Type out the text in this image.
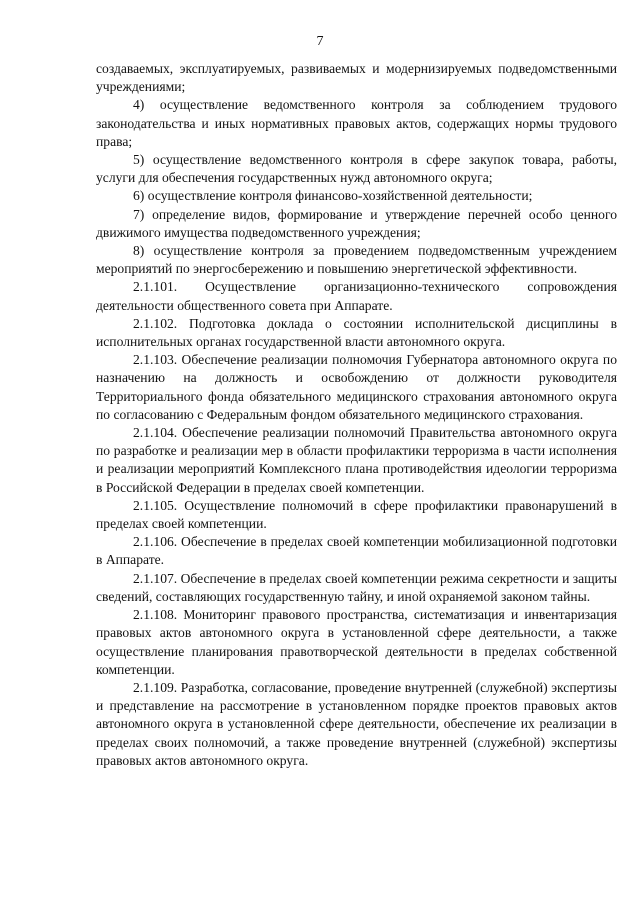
7

создаваемых, эксплуатируемых, развиваемых и модернизируемых подведомственными учреждениями;

4) осуществление ведомственного контроля за соблюдением трудового законодательства и иных нормативных правовых актов, содержащих нормы трудового права;

5) осуществление ведомственного контроля в сфере закупок товара, работы, услуги для обеспечения государственных нужд автономного округа;

6) осуществление контроля финансово-хозяйственной деятельности;

7) определение видов, формирование и утверждение перечней особо ценного движимого имущества подведомственного учреждения;

8) осуществление контроля за проведением подведомственным учреждением мероприятий по энергосбережению и повышению энергетической эффективности.

2.1.101. Осуществление организационно-технического сопровождения деятельности общественного совета при Аппарате.

2.1.102. Подготовка доклада о состоянии исполнительской дисциплины в исполнительных органах государственной власти автономного округа.

2.1.103. Обеспечение реализации полномочия Губернатора автономного округа по назначению на должность и освобождению от должности руководителя Территориального фонда обязательного медицинского страхования автономного округа по согласованию с Федеральным фондом обязательного медицинского страхования.

2.1.104. Обеспечение реализации полномочий Правительства автономного округа по разработке и реализации мер в области профилактики терроризма в части исполнения и реализации мероприятий Комплексного плана противодействия идеологии терроризма в Российской Федерации в пределах своей компетенции.

2.1.105. Осуществление полномочий в сфере профилактики правонарушений в пределах своей компетенции.

2.1.106. Обеспечение в пределах своей компетенции мобилизационной подготовки в Аппарате.

2.1.107. Обеспечение в пределах своей компетенции режима секретности и защиты сведений, составляющих государственную тайну, и иной охраняемой законом тайны.

2.1.108. Мониторинг правового пространства, систематизация и инвентаризация правовых актов автономного округа в установленной сфере деятельности, а также осуществление планирования правотворческой деятельности в пределах собственной компетенции.

2.1.109. Разработка, согласование, проведение внутренней (служебной) экспертизы и представление на рассмотрение в установленном порядке проектов правовых актов автономного округа в установленной сфере деятельности, обеспечение их реализации в пределах своих полномочий, а также проведение внутренней (служебной) экспертизы правовых актов автономного округа.
